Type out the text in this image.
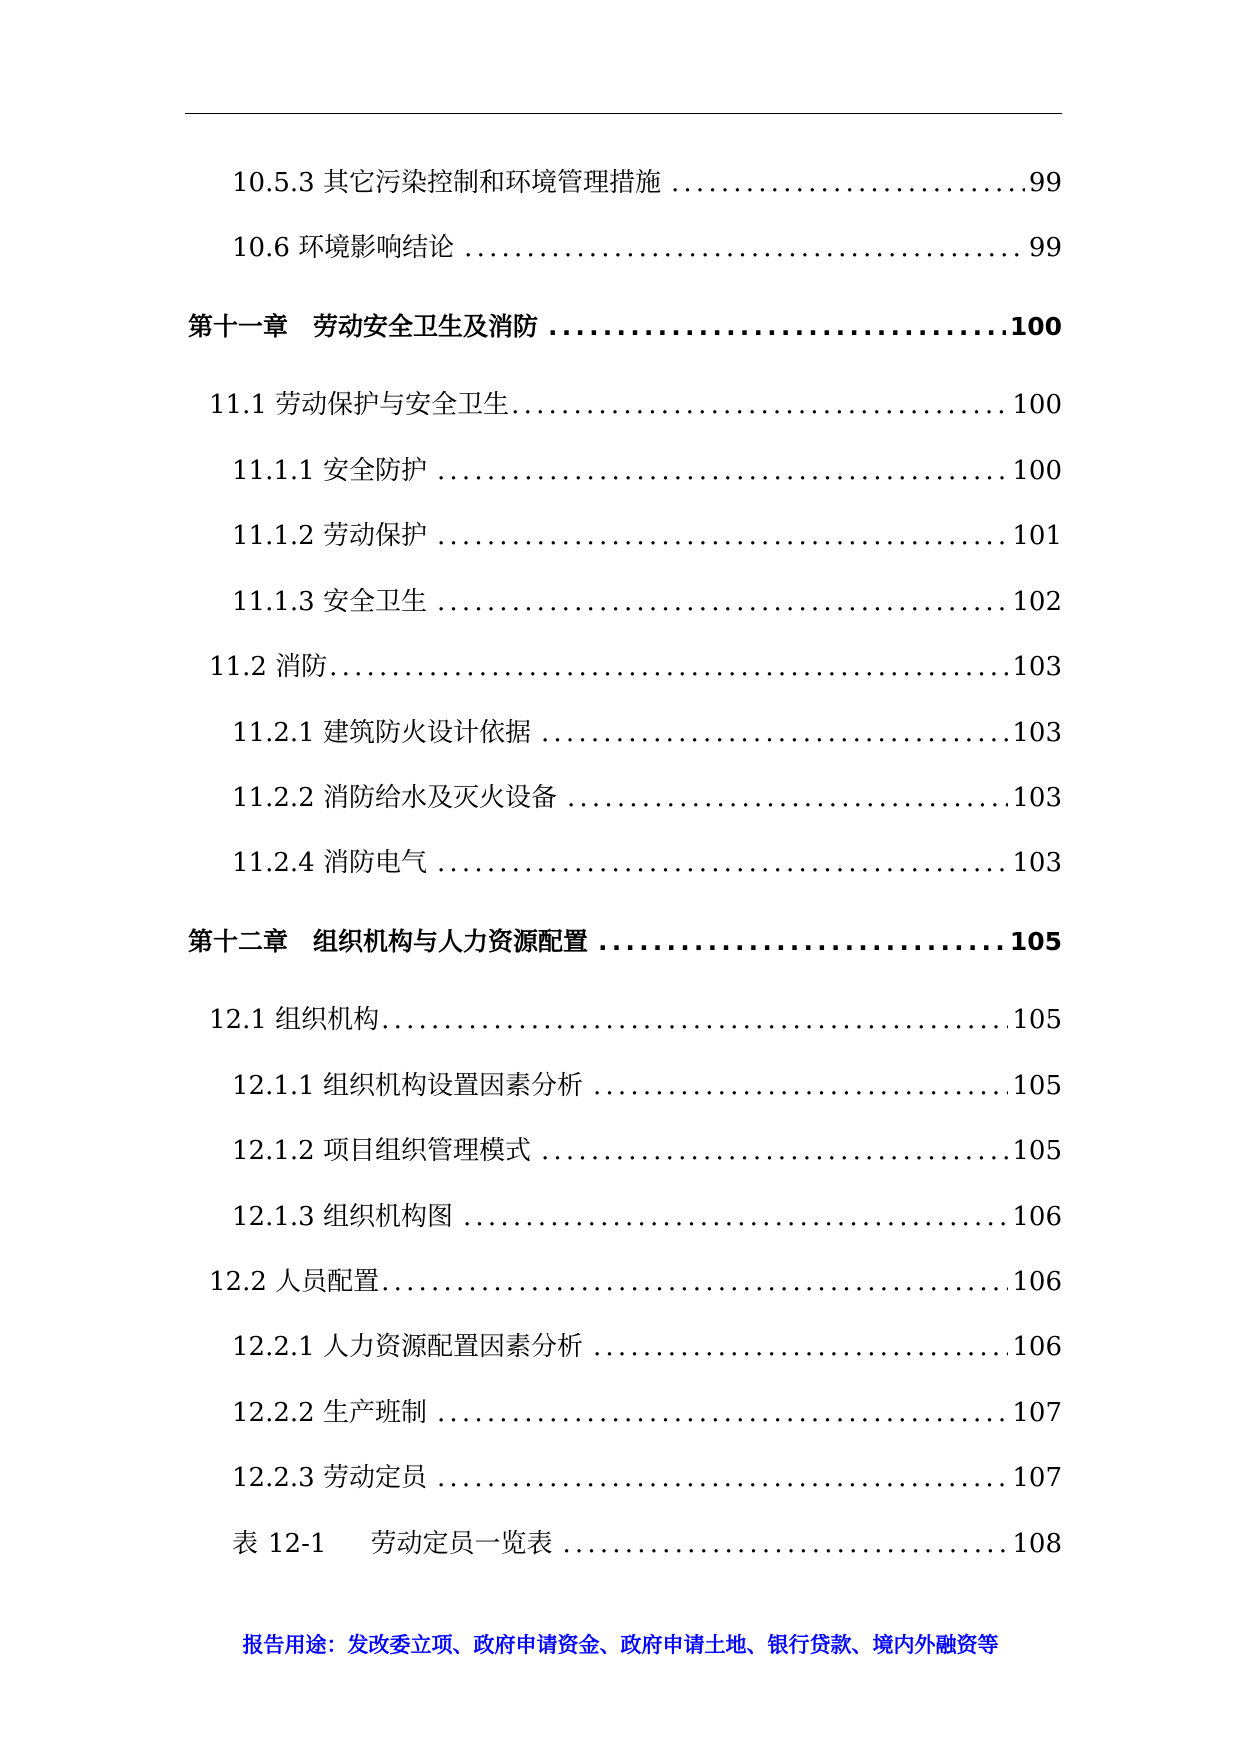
10.5.3 其它污染控制和环境管理措施 .....	99
10.6 环境影响结论 .....	99
第十一章　劳动安全卫生及消防 .....	100
11.1 劳动保护与安全卫生 .....	100
11.1.1 安全防护 .....	100
11.1.2 劳动保护 .....	101
11.1.3 安全卫生 .....	102
11.2 消防 .....	103
11.2.1 建筑防火设计依据 .....	103
11.2.2 消防给水及灭火设备 .....	103
11.2.4 消防电气 .....	103
第十二章　组织机构与人力资源配置 .....	105
12.1 组织机构 .....	105
12.1.1 组织机构设置因素分析 .....	105
12.1.2 项目组织管理模式 .....	105
12.1.3 组织机构图 .....	106
12.2 人员配置 .....	106
12.2.1 人力资源配置因素分析 .....	106
12.2.2 生产班制 .....	107
12.2.3 劳动定员 .....	107
表 12-1 劳动定员一览表 .....	108
报告用途：发改委立项、政府申请资金、政府申请土地、银行贷款、境内外融资等
